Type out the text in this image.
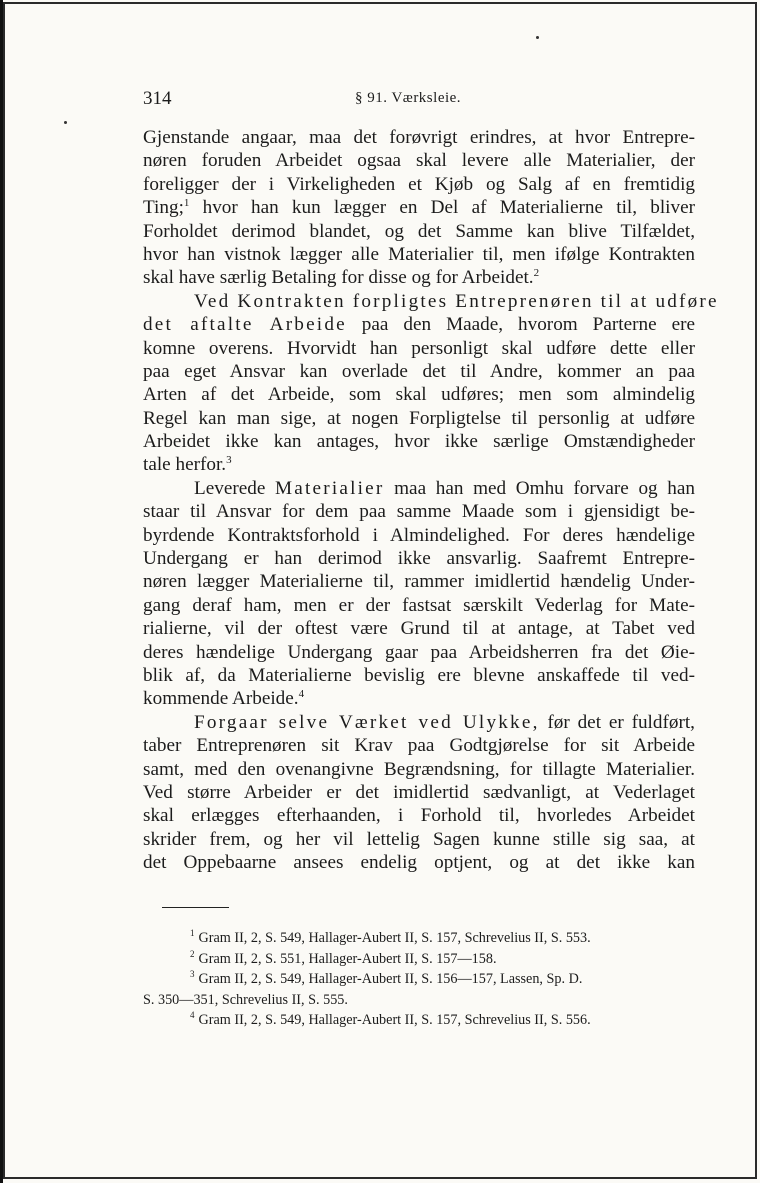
314	§ 91. Værksleie.
Gjenstande angaar, maa det forøvrigt erindres, at hvor Entrepre-
nøren foruden Arbeidet ogsaa skal levere alle Materialier, der
foreligger der i Virkeligheden et Kjøb og Salg af en fremtidig
Ting;$^1$ hvor han kun lægger en Del af Materialierne til, bliver
Forholdet derimod blandet, og det Samme kan blive Tilfældet,
hvor han vistnok lægger alle Materialier til, men ifølge Kontrakten
skal have særlig Betaling for disse og for Arbeidet.$^2$
Ved Kontrakten forpligtes Entreprenøren til at udføre
det aftalte Arbeide paa den Maade, hvorom Parterne ere
komne overens. Hvorvidt han personligt skal udføre dette eller
paa eget Ansvar kan overlade det til Andre, kommer an paa
Arten af det Arbeide, som skal udføres; men som almindelig
Regel kan man sige, at nogen Forpligtelse til personlig at udføre
Arbeidet ikke kan antages, hvor ikke særlige Omstændigheder
tale herfor.$^3$
Leverede Materialier maa han med Omhu forvare og han
staar til Ansvar for dem paa samme Maade som i gjensidigt be-
byrdende Kontraktsforhold i Almindelighed. For deres hændelige
Undergang er han derimod ikke ansvarlig. Saafremt Entrepre-
nøren lægger Materialierne til, rammer imidlertid hændelig Under-
gang deraf ham, men er der fastsat særskilt Vederlag for Mate-
rialierne, vil der oftest være Grund til at antage, at Tabet ved
deres hændelige Undergang gaar paa Arbeidsherren fra det Øie-
blik af, da Materialierne bevislig ere blevne anskaffede til ved-
kommende Arbeide.$^4$
Forgaar selve Værket ved Ulykke, før det er fuldført,
taber Entreprenøren sit Krav paa Godtgjørelse for sit Arbeide
samt, med den ovenangivne Begrændsning, for tillagte Materialier.
Ved større Arbeider er det imidlertid sædvanligt, at Vederlaget
skal erlægges efterhaanden, i Forhold til, hvorledes Arbeidet
skrider frem, og her vil lettelig Sagen kunne stille sig saa, at
det Oppebaarne ansees endelig optjent, og at det ikke kan
$^1$ Gram II, 2, S. 549, Hallager-Aubert II, S. 157, Schrevelius II, S. 553.
$^2$ Gram II, 2, S. 551, Hallager-Aubert II, S. 157—158.
$^3$ Gram II, 2, S. 549, Hallager-Aubert II, S. 156—157, Lassen, Sp. D.
S. 350—351, Schrevelius II, S. 555.
$^4$ Gram II, 2, S. 549, Hallager-Aubert II, S. 157, Schrevelius II, S. 556.
